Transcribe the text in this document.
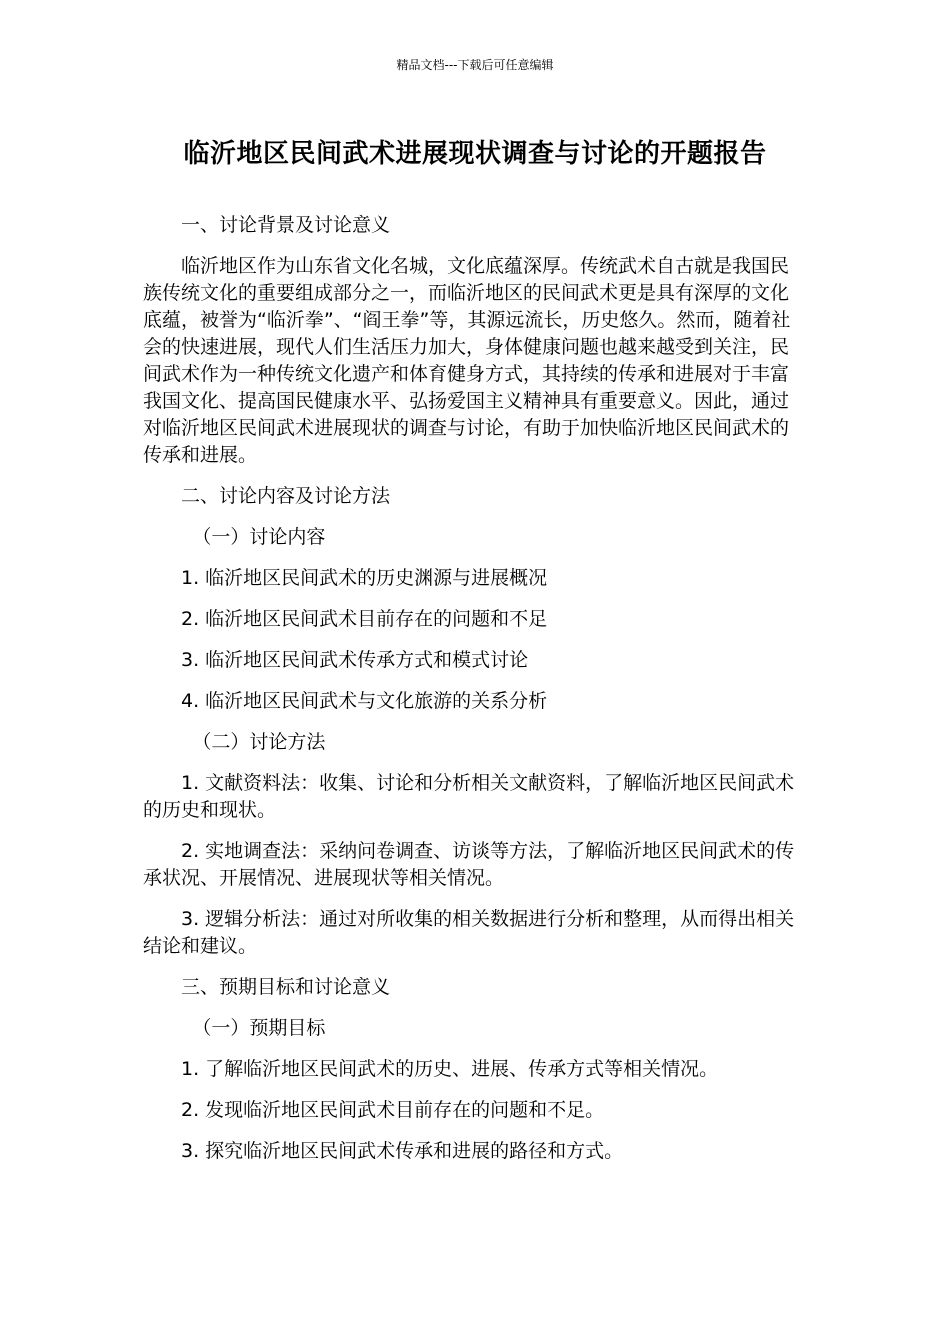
精品文档---下载后可任意编辑
临沂地区民间武术进展现状调查与讨论的开题报告

一、讨论背景及讨论意义

临沂地区作为山东省文化名城，文化底蕴深厚。传统武术自古就是我国民族传统文化的重要组成部分之一，而临沂地区的民间武术更是具有深厚的文化底蕴，被誉为“临沂拳”、“阎王拳”等，其源远流长，历史悠久。然而，随着社会的快速进展，现代人们生活压力加大，身体健康问题也越来越受到关注，民间武术作为一种传统文化遗产和体育健身方式，其持续的传承和进展对于丰富我国文化、提高国民健康水平、弘扬爱国主义精神具有重要意义。因此，通过对临沂地区民间武术进展现状的调查与讨论，有助于加快临沂地区民间武术的传承和进展。

二、讨论内容及讨论方法

（一）讨论内容

1. 临沂地区民间武术的历史渊源与进展概况

2. 临沂地区民间武术目前存在的问题和不足

3. 临沂地区民间武术传承方式和模式讨论

4. 临沂地区民间武术与文化旅游的关系分析

（二）讨论方法

1. 文献资料法：收集、讨论和分析相关文献资料，了解临沂地区民间武术的历史和现状。

2. 实地调查法：采纳问卷调查、访谈等方法，了解临沂地区民间武术的传承状况、开展情况、进展现状等相关情况。

3. 逻辑分析法：通过对所收集的相关数据进行分析和整理，从而得出相关结论和建议。

三、预期目标和讨论意义

（一）预期目标

1. 了解临沂地区民间武术的历史、进展、传承方式等相关情况。

2. 发现临沂地区民间武术目前存在的问题和不足。

3. 探究临沂地区民间武术传承和进展的路径和方式。
